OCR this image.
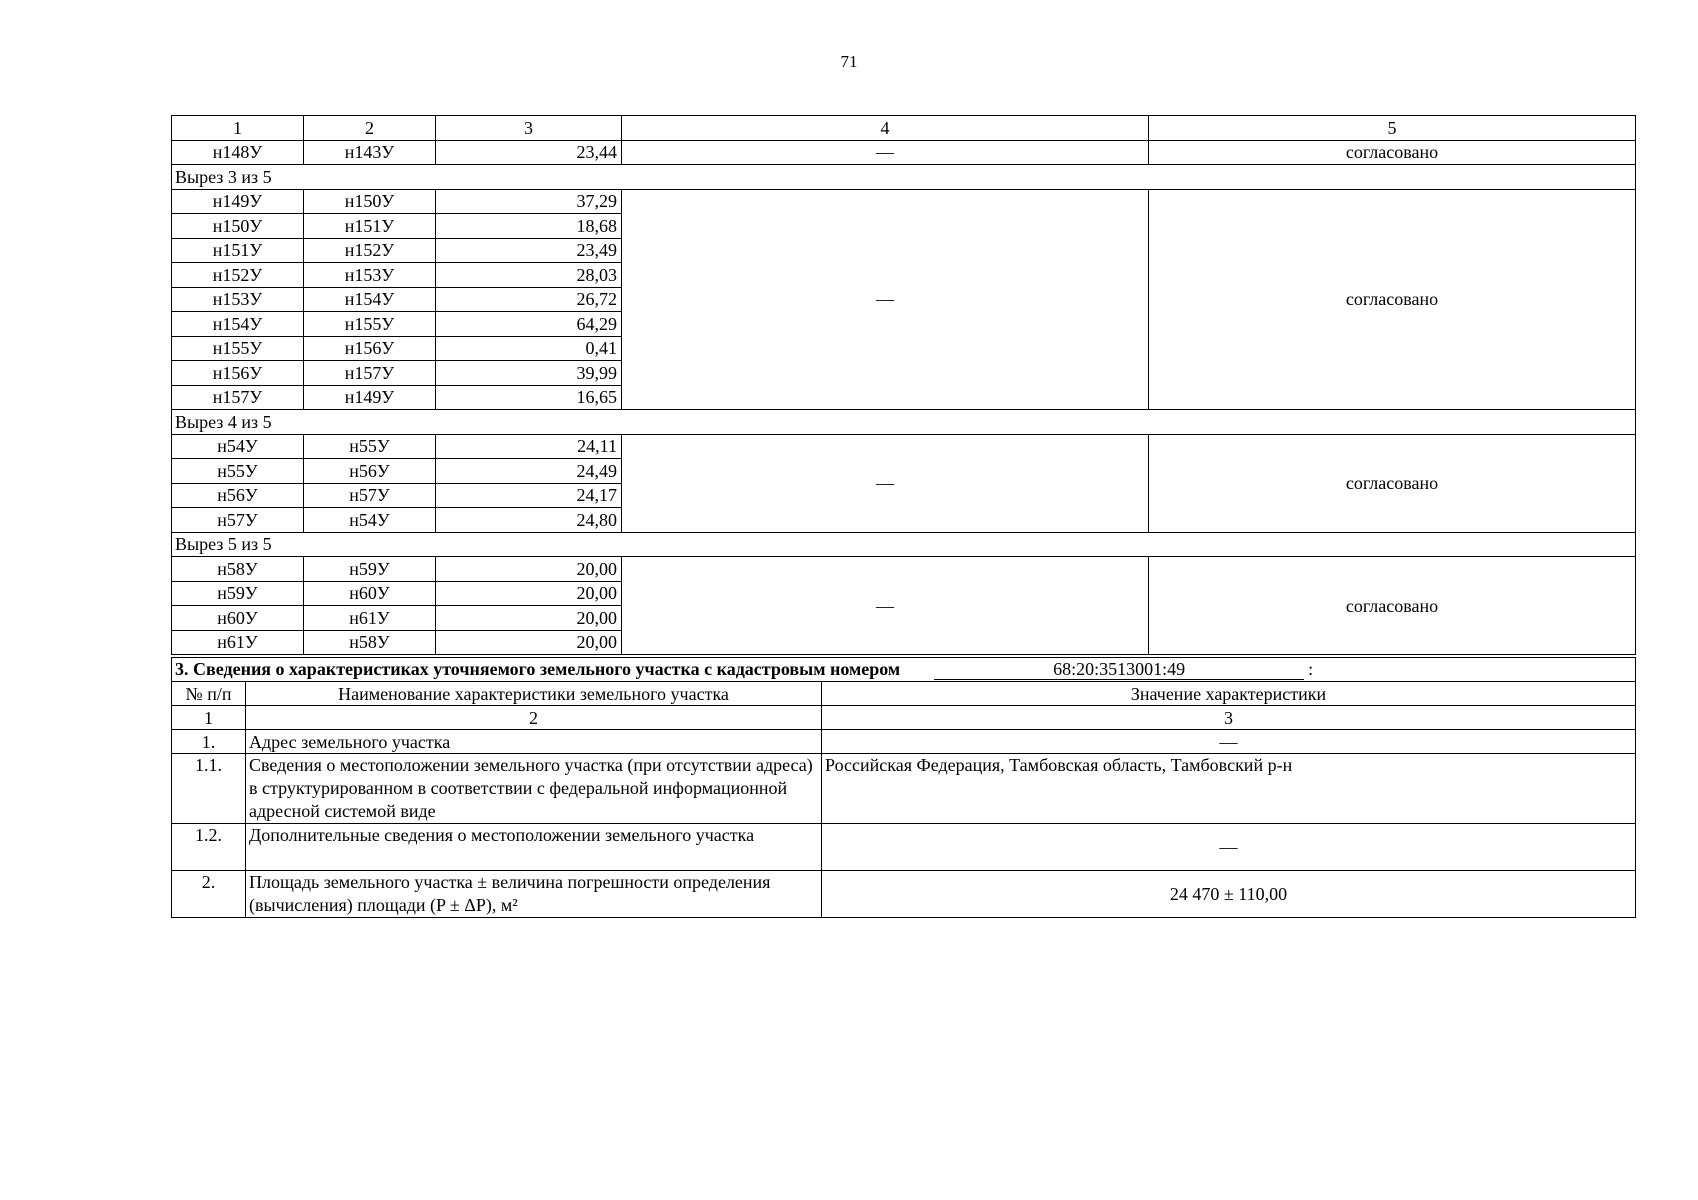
71
1	2	3	4	5
н148У	н143У	23,44	—	согласовано
Вырез 3 из 5				
н149У	н150У	37,29	—	согласовано
н150У	н151У	18,68		
н151У	н152У	23,49		
н152У	н153У	28,03		
н153У	н154У	26,72		
н154У	н155У	64,29		
н155У	н156У	0,41		
н156У	н157У	39,99		
н157У	н149У	16,65		
Вырез 4 из 5				
н54У	н55У	24,11	—	согласовано
н55У	н56У	24,49		
н56У	н57У	24,17		
н57У	н54У	24,80		
Вырез 5 из 5				
н58У	н59У	20,00	—	согласовано
н59У	н60У	20,00		
н60У	н61У	20,00		
н61У	н58У	20,00		
3. Сведения о характеристиках уточняемого земельного участка с кадастровым номером 68:20:3513001:49 :		
№ п/п	Наименование характеристики земельного участка	Значение характеристики
1	2	3
1.	Адрес земельного участка	—
1.1.	Сведения о местоположении земельного участка (при отсутствии адреса) в структурированном в соответствии с федеральной информационной адресной системой виде	Российская Федерация, Тамбовская область, Тамбовский р-н
1.2.	Дополнительные сведения о местоположении земельного участка	—
2.	Площадь земельного участка ± величина погрешности определения (вычисления) площади (P ± ΔP), м²	24 470 ± 110,00
